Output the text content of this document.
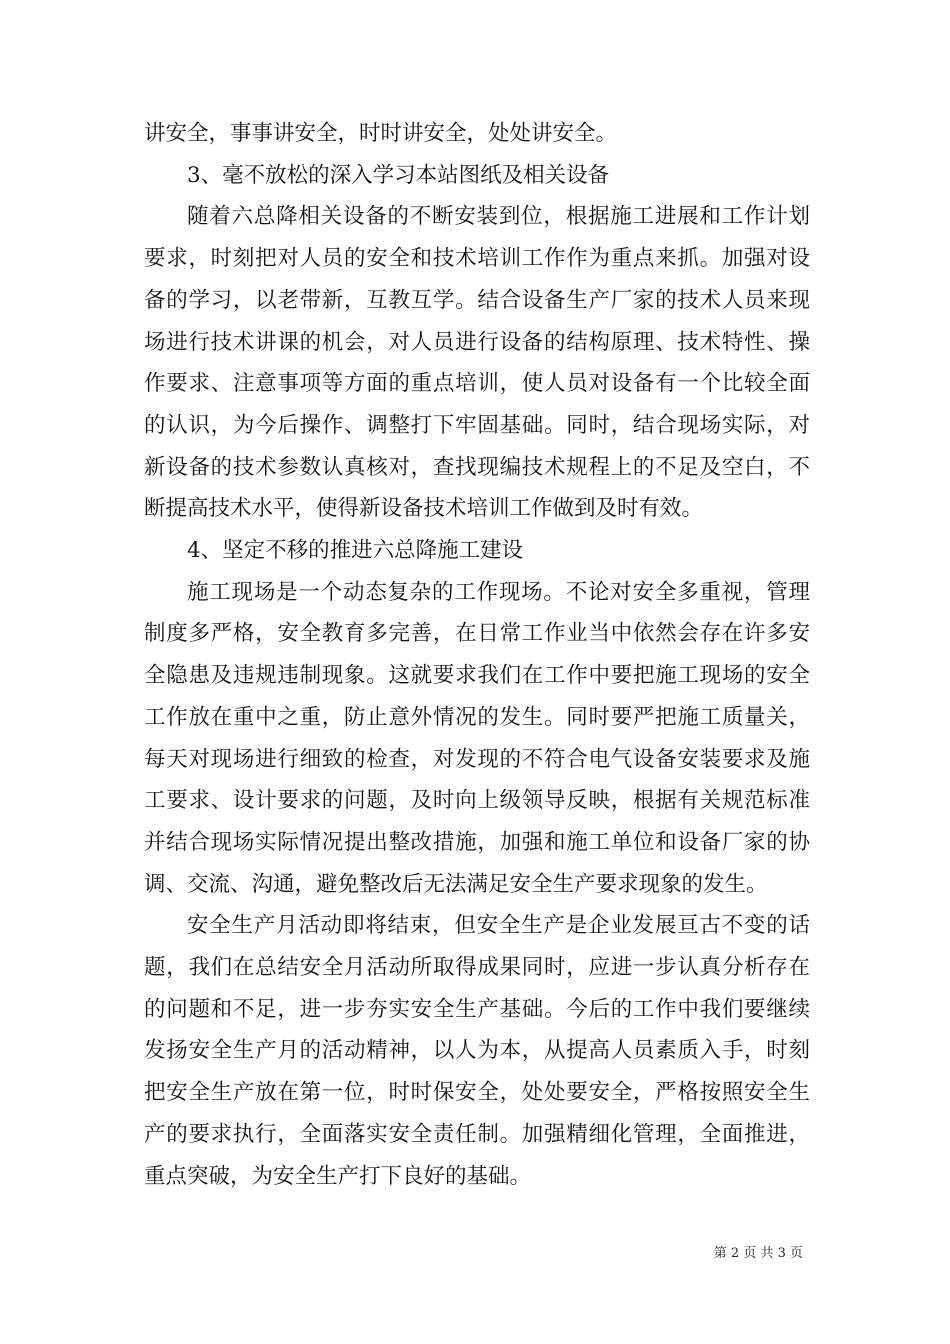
讲安全，事事讲安全，时时讲安全，处处讲安全。

3、毫不放松的深入学习本站图纸及相关设备

随着六总降相关设备的不断安装到位，根据施工进展和工作计划要求，时刻把对人员的安全和技术培训工作作为重点来抓。加强对设备的学习，以老带新，互教互学。结合设备生产厂家的技术人员来现场进行技术讲课的机会，对人员进行设备的结构原理、技术特性、操作要求、注意事项等方面的重点培训，使人员对设备有一个比较全面的认识，为今后操作、调整打下牢固基础。同时，结合现场实际，对新设备的技术参数认真核对，查找现编技术规程上的不足及空白，不断提高技术水平，使得新设备技术培训工作做到及时有效。

4、坚定不移的推进六总降施工建设

施工现场是一个动态复杂的工作现场。不论对安全多重视，管理制度多严格，安全教育多完善，在日常工作业当中依然会存在许多安全隐患及违规违制现象。这就要求我们在工作中要把施工现场的安全工作放在重中之重，防止意外情况的发生。同时要严把施工质量关，每天对现场进行细致的检查，对发现的不符合电气设备安装要求及施工要求、设计要求的问题，及时向上级领导反映，根据有关规范标准并结合现场实际情况提出整改措施，加强和施工单位和设备厂家的协调、交流、沟通，避免整改后无法满足安全生产要求现象的发生。

安全生产月活动即将结束，但安全生产是企业发展亘古不变的话题，我们在总结安全月活动所取得成果同时，应进一步认真分析存在的问题和不足，进一步夯实安全生产基础。今后的工作中我们要继续发扬安全生产月的活动精神，以人为本，从提高人员素质入手，时刻把安全生产放在第一位，时时保安全，处处要安全，严格按照安全生产的要求执行，全面落实安全责任制。加强精细化管理，全面推进，重点突破，为安全生产打下良好的基础。

第 2 页 共 3 页
